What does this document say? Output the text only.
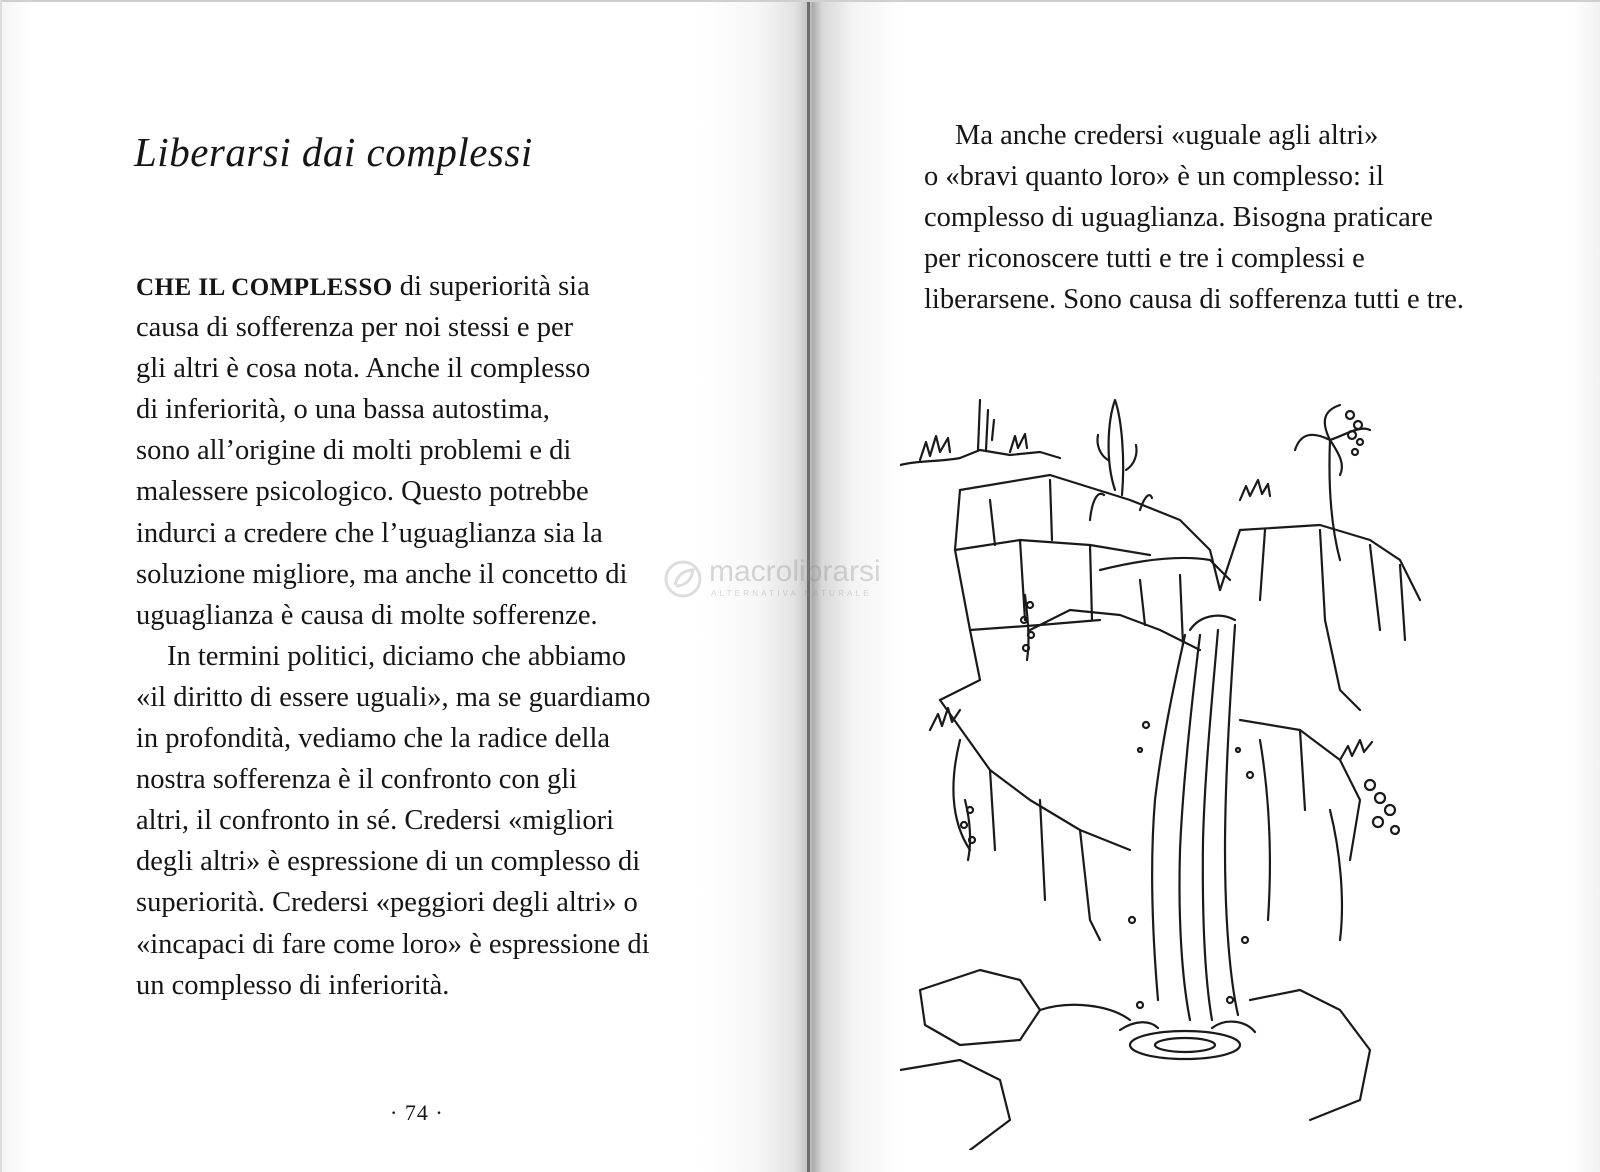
Liberarsi dai complessi
CHE IL COMPLESSO di superiorità sia
causa di sofferenza per noi stessi e per
gli altri è cosa nota. Anche il complesso
di inferiorità, o una bassa autostima,
sono all’origine di molti problemi e di
malessere psicologico. Questo potrebbe
indurci a credere che l’uguaglianza sia la
soluzione migliore, ma anche il concetto di
uguaglianza è causa di molte sofferenze.
In termini politici, diciamo che abbiamo
«il diritto di essere uguali», ma se guardiamo
in profondità, vediamo che la radice della
nostra sofferenza è il confronto con gli
altri, il confronto in sé. Credersi «migliori
degli altri» è espressione di un complesso di
superiorità. Credersi «peggiori degli altri» o
«incapaci di fare come loro» è espressione di
un complesso di inferiorità.
· 74 ·
Ma anche credersi «uguale agli altri»
o «bravi quanto loro» è un complesso: il
complesso di uguaglianza. Bisogna praticare
per riconoscere tutti e tre i complessi e
liberarsene. Sono causa di sofferenza tutti e tre.
macrolibrarsi
ALTERNATIVA NATURALE
